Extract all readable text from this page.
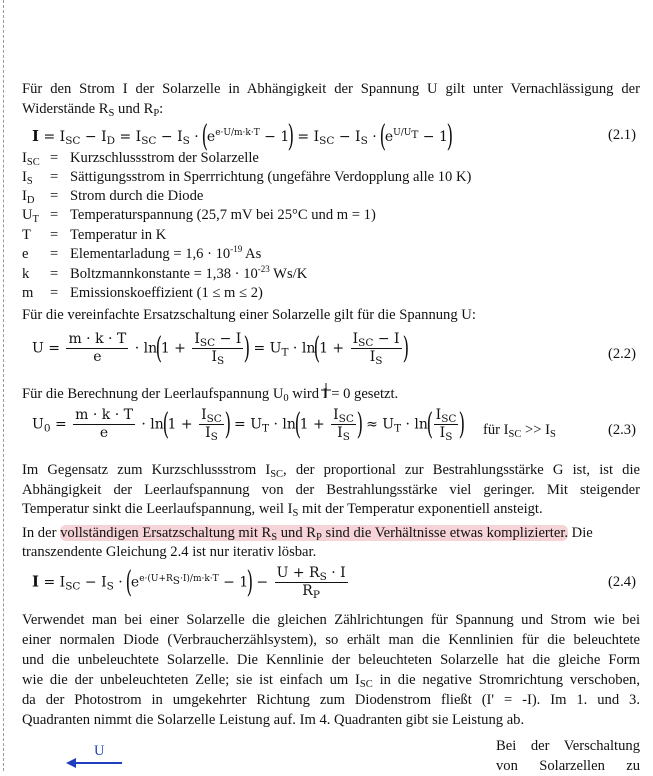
Für den Strom I der Solarzelle in Abhängigkeit der Spannung U gilt unter Vernachlässigung der
Widerstände $R_S$ und $R_P$:
$I = I_{SC} - I_D = I_{SC} - I_S \cdot (e^{e\cdot U/m\cdot k\cdot T} - 1) = I_{SC} - I_S \cdot (e^{U/U_T} - 1)$	(2.1)
$I_{SC}$ = Kurzschlussstrom der Solarzelle
$I_S$ = Sättigungsstrom in Sperrrichtung (ungefähre Verdopplung alle 10 K)
$I_D$ = Strom durch die Diode
$U_T$ = Temperaturspannung (25,7 mV bei 25°C und m = 1)
T = Temperatur in K
e = Elementarladung = $1,6 \cdot 10^{-19}$ As
k = Boltzmannkonstante = $1,38 \cdot 10^{-23}$ Ws/K
m = Emissionskoeffizient (1 ≤ m ≤ 2)
Für die vereinfachte Ersatzschaltung einer Solarzelle gilt für die Spannung U:
$U = \frac{m \cdot k \cdot T}{e} \cdot \ln(1 + \frac{I_{SC} - I}{I_S}$ ) = $U_T \cdot \ln(1 + \frac{I_{SC} - I}{I_S}$ )	(2.2)
Für die Berechnung der Leerlaufspannung $U_0$ wird I = 0 gesetzt.
$U_0 = \frac{m \cdot k \cdot T}{e} \cdot \ln(1 + \frac{I_{SC}}{I_S}$ ) = $U_T \cdot \ln(1 + \frac{I_{SC}}{I_S}$ ) ≈ $U_T \cdot \ln( \frac{I_{SC}}{I_S}$ ) für $I_{SC} >> I_S$	(2.3)
Im Gegensatz zum Kurzschlussstrom $I_{SC}$, der proportional zur Bestrahlungsstärke G ist, ist die
Abhängigkeit der Leerlaufspannung von der Bestrahlungsstärke viel geringer. Mit steigender
Temperatur sinkt die Leerlaufspannung, weil $I_S$ mit der Temperatur exponentiell ansteigt.
In der vollständigen Ersatzschaltung mit $R_S$ und $R_P$ sind die Verhältnisse etwas komplizierter. Die
transzendente Gleichung 2.4 ist nur iterativ lösbar.
$I = I_{SC} - I_S \cdot (e^{e\cdot(U+R_S\cdot I)/m\cdot k\cdot T} - 1) - \frac{U + R_S \cdot I}{R_P}$	(2.4)
Verwendet man bei einer Solarzelle die gleichen Zählrichtungen für Spannung und Strom wie bei
einer normalen Diode (Verbraucherzählsystem), so erhält man die Kennlinien für die beleuchtete
und die unbeleuchtete Solarzelle. Die Kennlinie der beleuchteten Solarzelle hat die gleiche Form
wie die der unbeleuchteten Zelle; sie ist einfach um $I_{SC}$ in die negative Stromrichtung verschoben,
da der Photostrom in umgekehrter Richtung zum Diodenstrom fließt (I' = -I). Im 1. und 3.
Quadranten nimmt die Solarzelle Leistung auf. Im 4. Quadranten gibt sie Leistung ab.
U	Bei der Verschaltung
von Solarzellen zu
